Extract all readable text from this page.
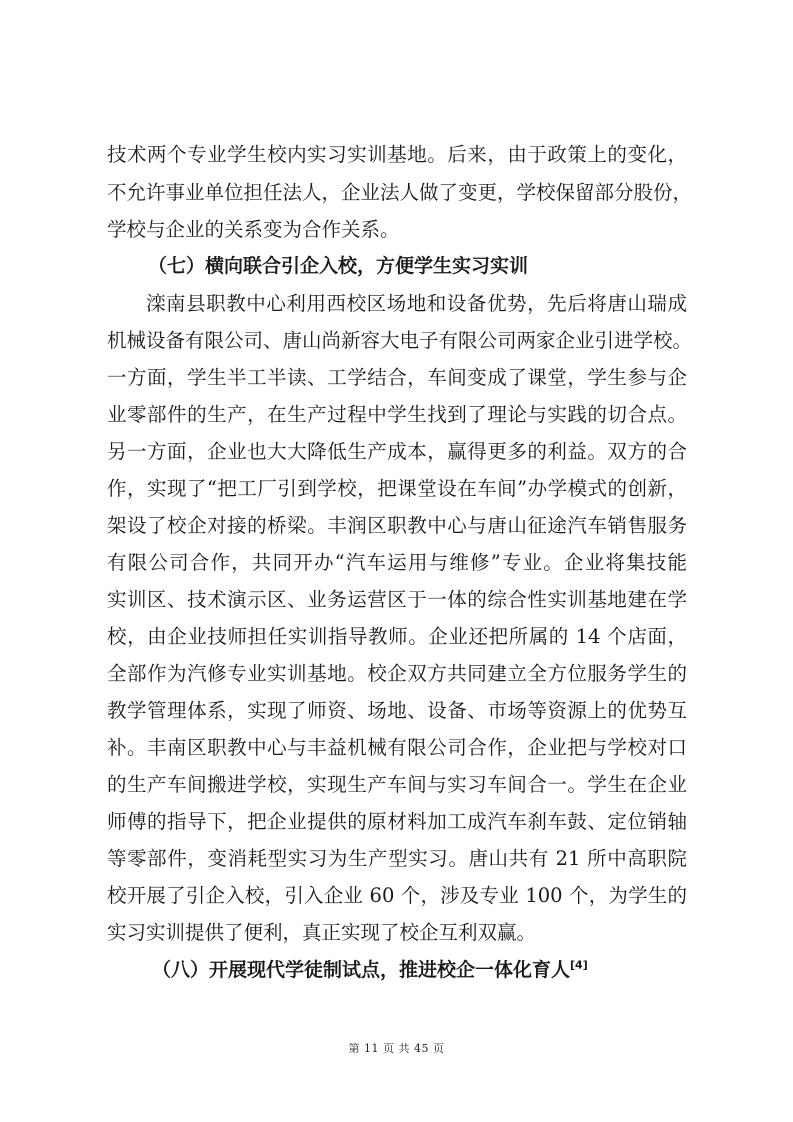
技术两个专业学生校内实习实训基地。后来，由于政策上的变化，
不允许事业单位担任法人，企业法人做了变更，学校保留部分股份，
学校与企业的关系变为合作关系。
（七）横向联合引企入校，方便学生实习实训
滦南县职教中心利用西校区场地和设备优势，先后将唐山瑞成
机械设备有限公司、唐山尚新容大电子有限公司两家企业引进学校。
一方面，学生半工半读、工学结合，车间变成了课堂，学生参与企
业零部件的生产，在生产过程中学生找到了理论与实践的切合点。
另一方面，企业也大大降低生产成本，赢得更多的利益。双方的合
作，实现了“把工厂引到学校，把课堂设在车间”办学模式的创新，
架设了校企对接的桥梁。丰润区职教中心与唐山征途汽车销售服务
有限公司合作，共同开办“汽车运用与维修”专业。企业将集技能
实训区、技术演示区、业务运营区于一体的综合性实训基地建在学
校，由企业技师担任实训指导教师。企业还把所属的 14 个店面，
全部作为汽修专业实训基地。校企双方共同建立全方位服务学生的
教学管理体系，实现了师资、场地、设备、市场等资源上的优势互
补。丰南区职教中心与丰益机械有限公司合作，企业把与学校对口
的生产车间搬进学校，实现生产车间与实习车间合一。学生在企业
师傅的指导下，把企业提供的原材料加工成汽车刹车鼓、定位销轴
等零部件，变消耗型实习为生产型实习。唐山共有 21 所中高职院
校开展了引企入校，引入企业 60 个，涉及专业 100 个，为学生的
实习实训提供了便利，真正实现了校企互利双赢。
（八）开展现代学徒制试点，推进校企一体化育人[4]
第 11 页 共 45 页
